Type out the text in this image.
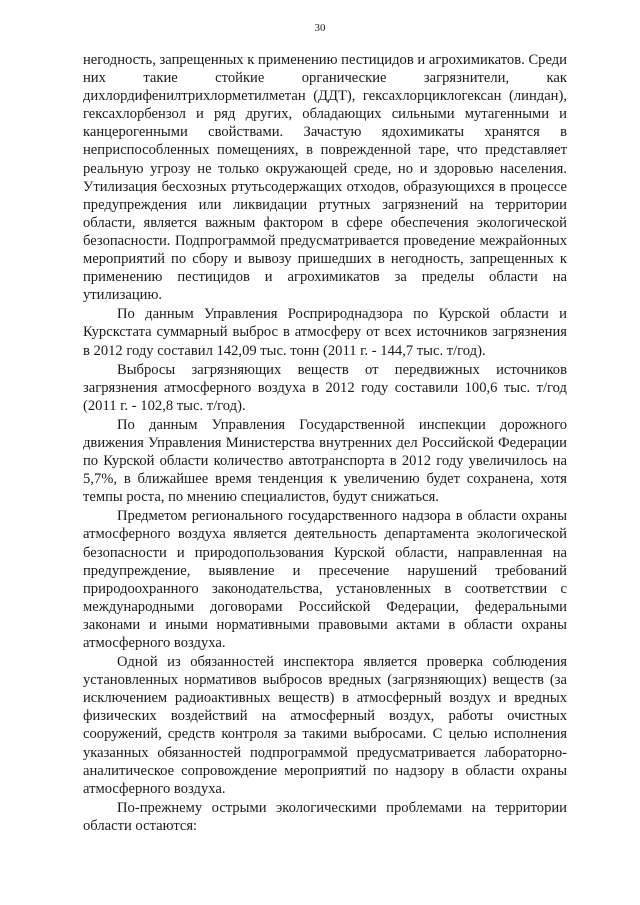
30

негодность, запрещенных к применению пестицидов и агрохимикатов. Среди них такие стойкие органические загрязнители, как дихлордифенилтрихлорметилметан (ДДТ), гексахлорциклогексан (линдан), гексахлорбензол и ряд других, обладающих сильными мутагенными и канцерогенными свойствами. Зачастую ядохимикаты хранятся в неприспособленных помещениях, в поврежденной таре, что представляет реальную угрозу не только окружающей среде, но и здоровью населения. Утилизация бесхозных ртутьсодержащих отходов, образующихся в процессе предупреждения или ликвидации ртутных загрязнений на территории области, является важным фактором в сфере обеспечения экологической безопасности. Подпрограммой предусматривается проведение межрайонных мероприятий по сбору и вывозу пришедших в негодность, запрещенных к применению пестицидов и агрохимикатов за пределы области на утилизацию.

По данным Управления Росприроднадзора по Курской области и Курскстата суммарный выброс в атмосферу от всех источников загрязнения в 2012 году составил 142,09 тыс. тонн (2011 г. - 144,7 тыс. т/год).

Выбросы загрязняющих веществ от передвижных источников загрязнения атмосферного воздуха в 2012 году составили 100,6 тыс. т/год (2011 г. - 102,8 тыс. т/год).

По данным Управления Государственной инспекции дорожного движения Управления Министерства внутренних дел Российской Федерации по Курской области количество автотранспорта в 2012 году увеличилось на 5,7%, в ближайшее время тенденция к увеличению будет сохранена, хотя темпы роста, по мнению специалистов, будут снижаться.

Предметом регионального государственного надзора в области охраны атмосферного воздуха является деятельность департамента экологической безопасности и природопользования Курской области, направленная на предупреждение, выявление и пресечение нарушений требований природоохранного законодательства, установленных в соответствии с международными договорами Российской Федерации, федеральными законами и иными нормативными правовыми актами в области охраны атмосферного воздуха.

Одной из обязанностей инспектора является проверка соблюдения установленных нормативов выбросов вредных (загрязняющих) веществ (за исключением радиоактивных веществ) в атмосферный воздух и вредных физических воздействий на атмосферный воздух, работы очистных сооружений, средств контроля за такими выбросами. С целью исполнения указанных обязанностей подпрограммой предусматривается лабораторно-аналитическое сопровождение мероприятий по надзору в области охраны атмосферного воздуха.

По-прежнему острыми экологическими проблемами на территории области остаются:
